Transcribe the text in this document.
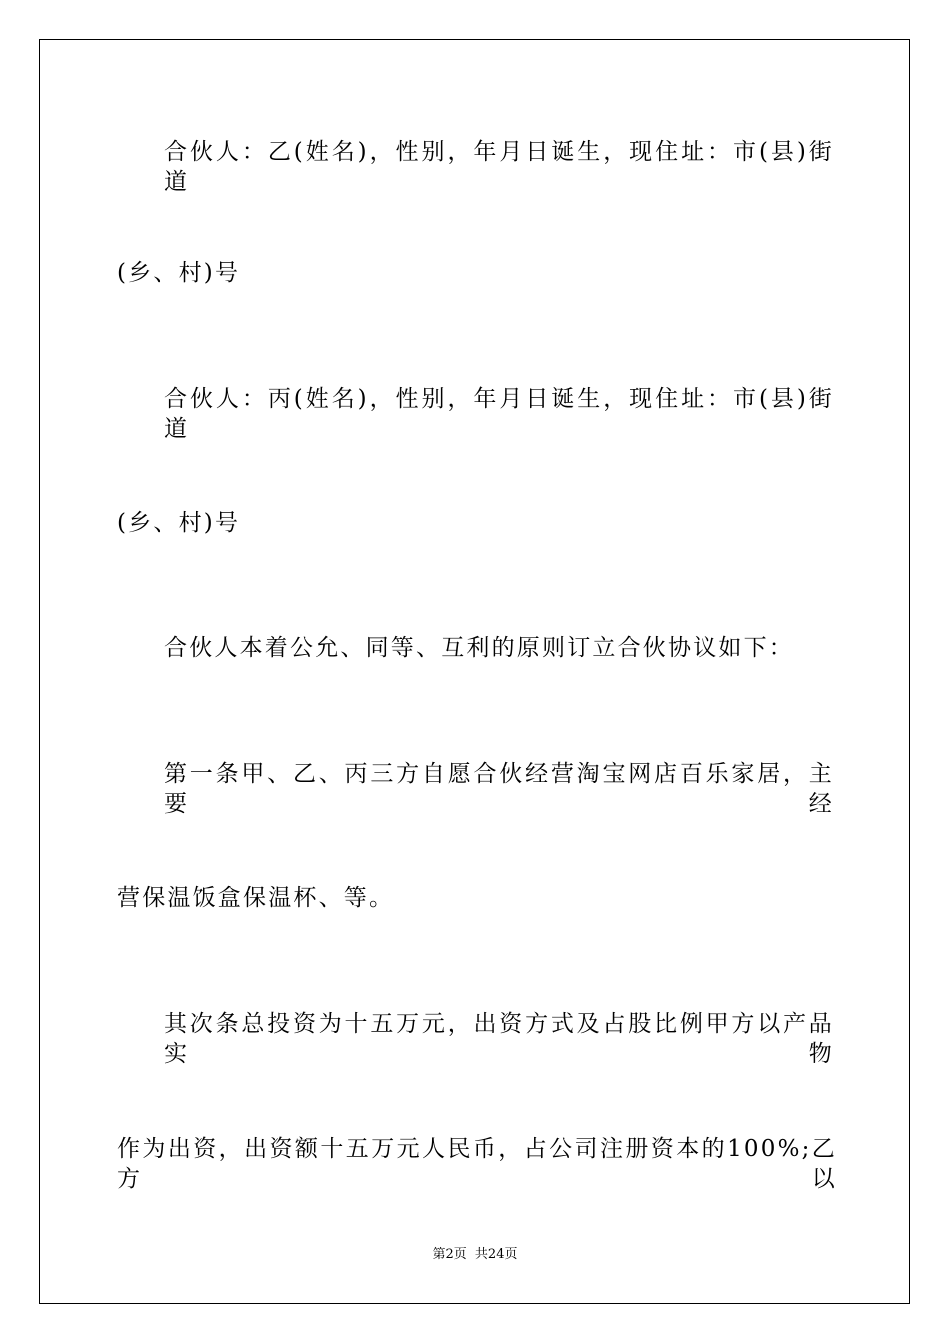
合伙人：乙(姓名)，性别，年月日诞生，现住址：市(县)街道
(乡、村)号
合伙人：丙(姓名)，性别，年月日诞生，现住址：市(县)街道
(乡、村)号
合伙人本着公允、同等、互利的原则订立合伙协议如下：
第一条甲、乙、丙三方自愿合伙经营淘宝网店百乐家居，主要经
营保温饭盒保温杯、等。
其次条总投资为十五万元，出资方式及占股比例甲方以产品实物
作为出资，出资额十五万元人民币，占公司注册资本的100%;乙方以
第2页 共24页
